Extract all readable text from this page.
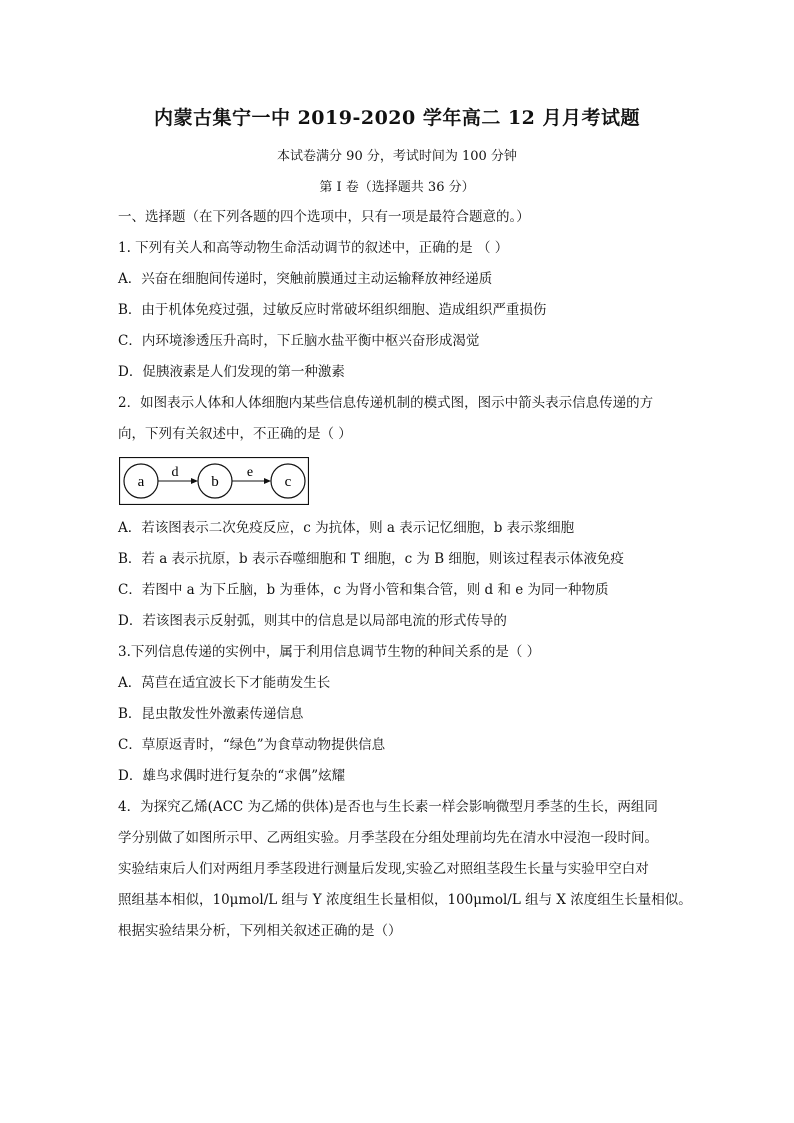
内蒙古集宁一中 2019-2020 学年高二 12 月月考试题
本试卷满分 90 分，考试时间为 100 分钟
第 I 卷（选择题共 36 分）
一、选择题（在下列各题的四个选项中，只有一项是最符合题意的。）
1. 下列有关人和高等动物生命活动调节的叙述中，正确的是 （ ）
A．兴奋在细胞间传递时，突触前膜通过主动运输释放神经递质
B．由于机体免疫过强，过敏反应时常破坏组织细胞、造成组织严重损伤
C．内环境渗透压升高时，下丘脑水盐平衡中枢兴奋形成渴觉
D．促胰液素是人们发现的第一种激素
2．如图表示人体和人体细胞内某些信息传递机制的模式图，图示中箭头表示信息传递的方
向，下列有关叙述中，不正确的是（ ）
a
d
b
e
c
A．若该图表示二次免疫反应，c 为抗体，则 a 表示记忆细胞，b 表示浆细胞
B．若 a 表示抗原，b 表示吞噬细胞和 T 细胞，c 为 B 细胞，则该过程表示体液免疫
C．若图中 a 为下丘脑，b 为垂体，c 为肾小管和集合管，则 d 和 e 为同一种物质
D．若该图表示反射弧，则其中的信息是以局部电流的形式传导的
3.下列信息传递的实例中，属于利用信息调节生物的种间关系的是（ ）
A．莴苣在适宜波长下才能萌发生长
B．昆虫散发性外激素传递信息
C．草原返青时，“绿色”为食草动物提供信息
D．雄鸟求偶时进行复杂的“求偶”炫耀
4．为探究乙烯(ACC 为乙烯的供体)是否也与生长素一样会影响微型月季茎的生长，两组同
学分别做了如图所示甲、乙两组实验。月季茎段在分组处理前均先在清水中浸泡一段时间。
实验结束后人们对两组月季茎段进行测量后发现,实验乙对照组茎段生长量与实验甲空白对
照组基本相似，10μmol/L 组与 Y 浓度组生长量相似，100μmol/L 组与 X 浓度组生长量相似。
根据实验结果分析，下列相关叙述正确的是（）
